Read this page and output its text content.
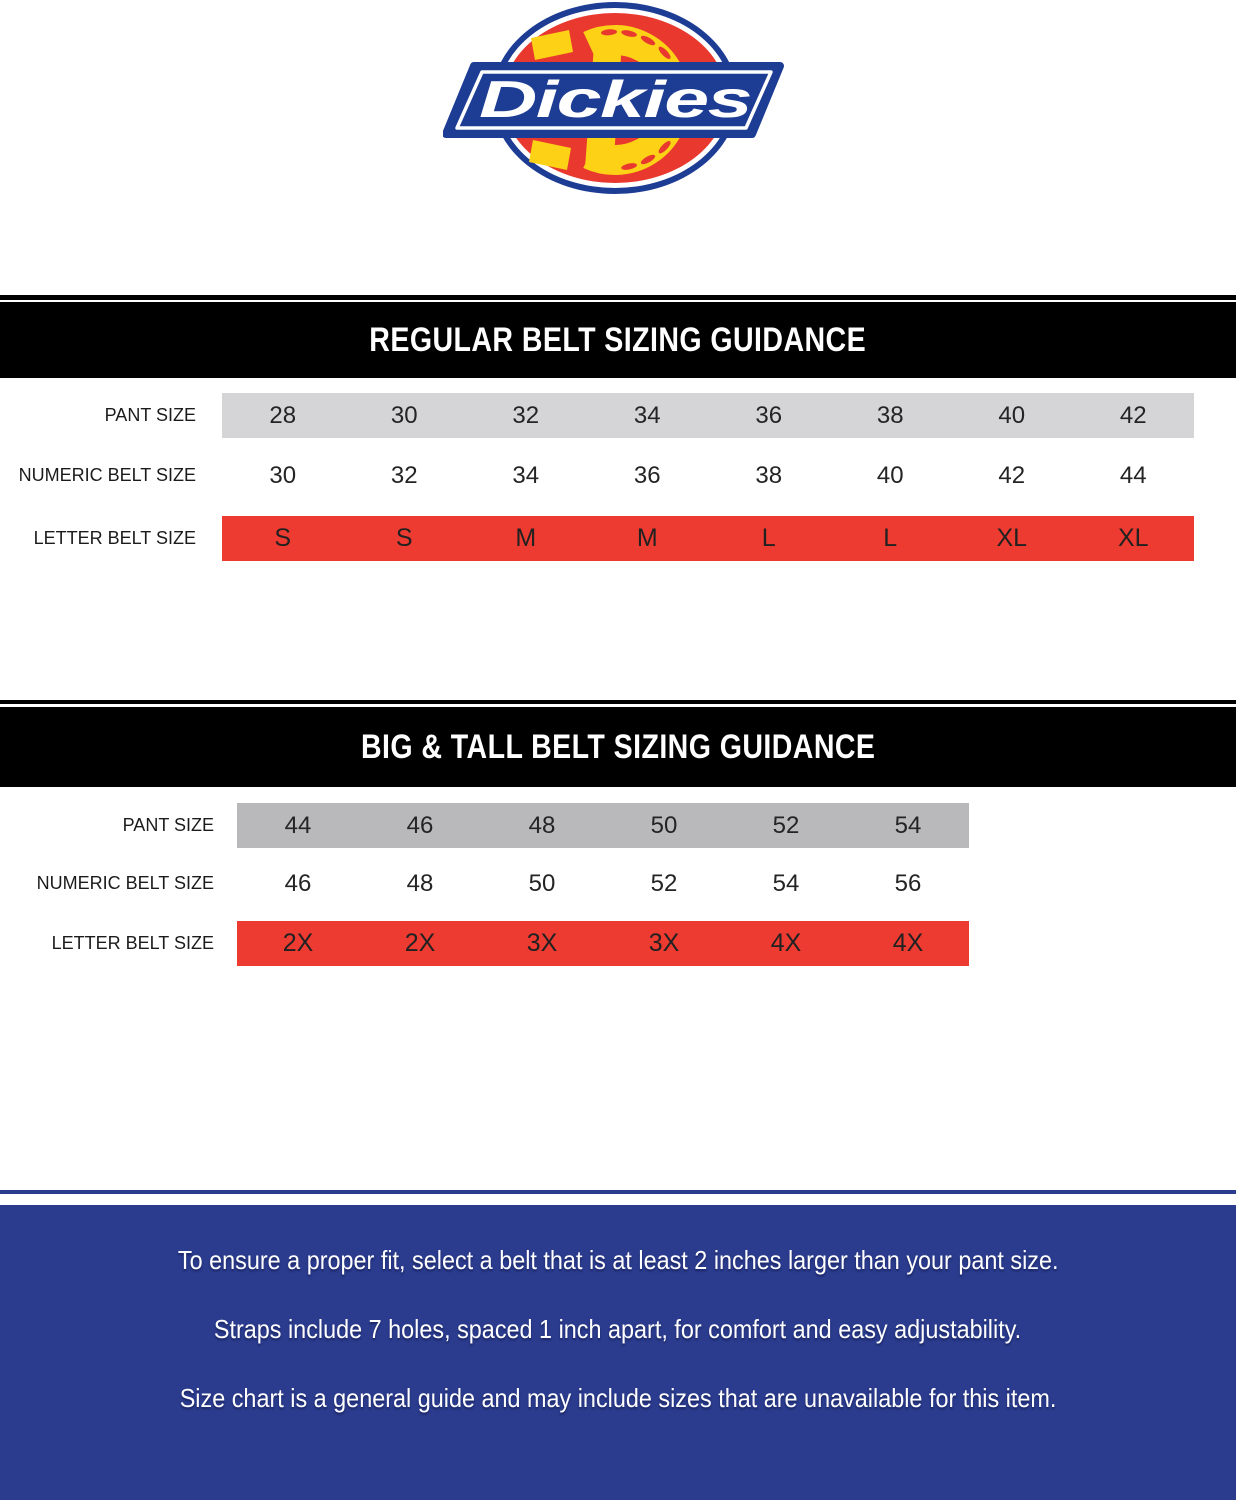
Dickies
REGULAR BELT SIZING GUIDANCE
PANT SIZE	28	30	32	34	36	38	40	42
NUMERIC BELT SIZE	30	32	34	36	38	40	42	44
LETTER BELT SIZE	S	S	M	M	L	L	XL	XL
BIG & TALL BELT SIZING GUIDANCE
PANT SIZE	44	46	48	50	52	54
NUMERIC BELT SIZE	46	48	50	52	54	56
LETTER BELT SIZE	2X	2X	3X	3X	4X	4X
To ensure a proper fit, select a belt that is at least 2 inches larger than your pant size.
Straps include 7 holes, spaced 1 inch apart, for comfort and easy adjustability.
Size chart is a general guide and may include sizes that are unavailable for this item.
